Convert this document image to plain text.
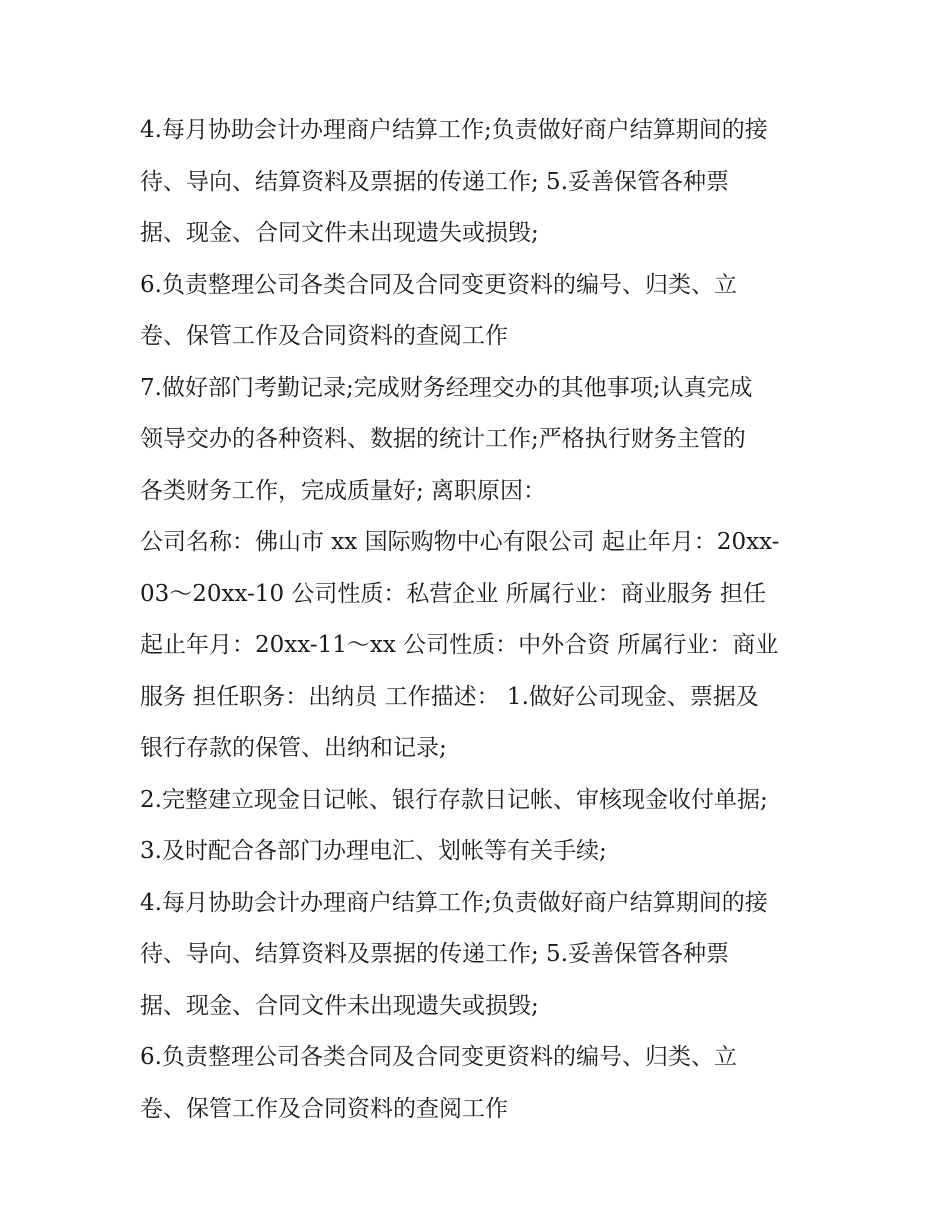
4.每月协助会计办理商户结算工作;负责做好商户结算期间的接

待、导向、结算资料及票据的传递工作; 5.妥善保管各种票

据、现金、合同文件未出现遗失或损毁;

6.负责整理公司各类合同及合同变更资料的编号、归类、立

卷、保管工作及合同资料的查阅工作

7.做好部门考勤记录;完成财务经理交办的其他事项;认真完成

领导交办的各种资料、数据的统计工作;严格执行财务主管的

各类财务工作，完成质量好; 离职原因：

公司名称：佛山市 xx 国际购物中心有限公司 起止年月：20xx-

03～20xx-10 公司性质：私营企业 所属行业：商业服务 担任

起止年月：20xx-11～xx 公司性质：中外合资 所属行业：商业

服务 担任职务：出纳员 工作描述： 1.做好公司现金、票据及

银行存款的保管、出纳和记录;

2.完整建立现金日记帐、银行存款日记帐、审核现金收付单据;

3.及时配合各部门办理电汇、划帐等有关手续;

4.每月协助会计办理商户结算工作;负责做好商户结算期间的接

待、导向、结算资料及票据的传递工作; 5.妥善保管各种票

据、现金、合同文件未出现遗失或损毁;

6.负责整理公司各类合同及合同变更资料的编号、归类、立

卷、保管工作及合同资料的查阅工作
